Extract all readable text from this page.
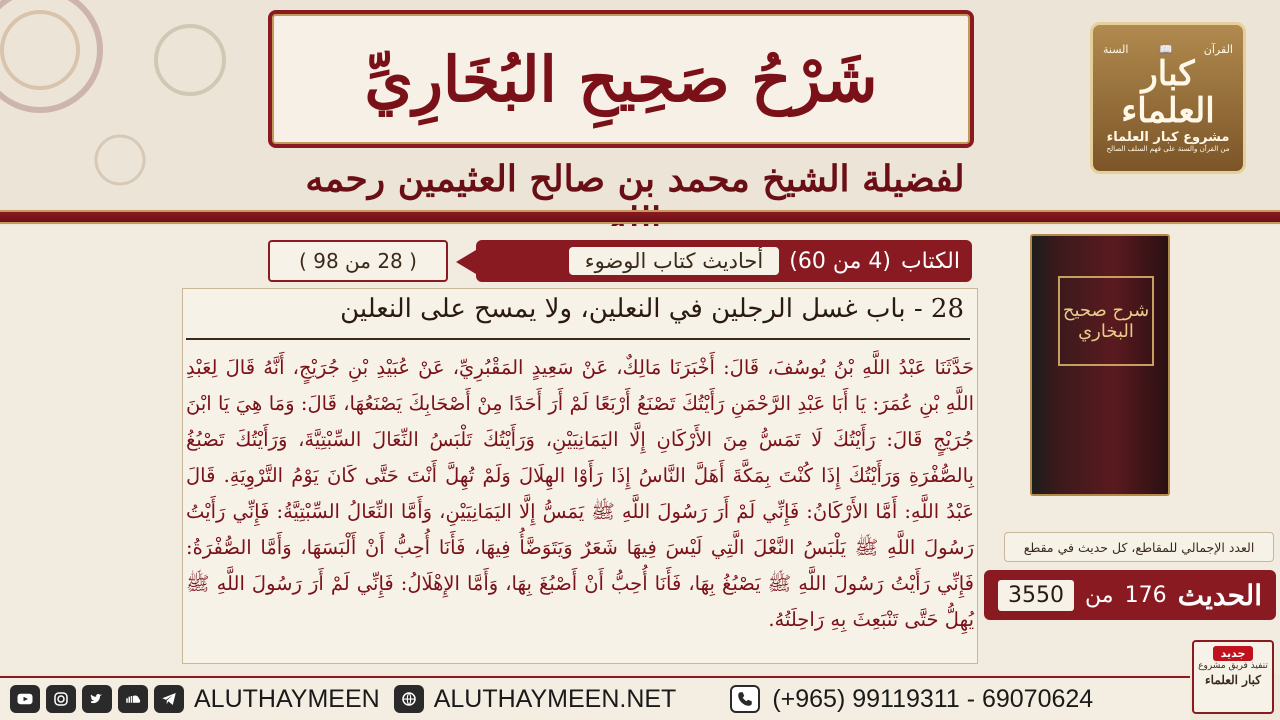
شَرْحُ صَحِيحِ البُخَارِيِّ
لفضيلة الشيخ محمد بن صالح العثيمين رحمه
السنة	📖	القرآن
كبار العلماء
مشروع كبار العلماء
من القرآن والسنة على فهم السلف الصالح
الكتاب
(4 من 60)
أحاديث كتاب الوضوء
( 28 من 98 )
28 - باب غسل الرجلين في النعلين، ولا يمسح على النعلين
حَدَّثَنَا عَبْدُ اللَّهِ بْنُ يُوسُفَ، قَالَ: أَخْبَرَنَا مَالِكٌ، عَنْ سَعِيدٍ المَقْبُرِيِّ، عَنْ عُبَيْدِ بْنِ جُرَيْجٍ، أَنَّهُ قَالَ لِعَبْدِ اللَّهِ بْنِ عُمَرَ: يَا أَبَا عَبْدِ الرَّحْمَنِ رَأَيْتُكَ تَصْنَعُ أَرْبَعًا لَمْ أَرَ أَحَدًا مِنْ أَصْحَابِكَ يَصْنَعُهَا، قَالَ: وَمَا هِيَ يَا ابْنَ جُرَيْجٍ قَالَ: رَأَيْتُكَ لَا تَمَسُّ مِنَ الأَرْكَانِ إِلَّا اليَمَانِيَيْنِ، وَرَأَيْتُكَ تَلْبَسُ النِّعَالَ السِّبْتِيَّةَ، وَرَأَيْتُكَ تَصْبُغُ بِالصُّفْرَةِ وَرَأَيْتُكَ إِذَا كُنْتَ بِمَكَّةَ أَهَلَّ النَّاسُ إِذَا رَأَوْا الهِلَالَ وَلَمْ تُهِلَّ أَنْتَ حَتَّى كَانَ يَوْمُ التَّرْوِيَةِ. قَالَ عَبْدُ اللَّهِ: أَمَّا الأَرْكَانُ: فَإِنِّي لَمْ أَرَ رَسُولَ اللَّهِ ﷺ يَمَسُّ إِلَّا اليَمَانِيَيْنِ، وَأَمَّا النِّعَالُ السِّبْتِيَّةُ: فَإِنِّي رَأَيْتُ رَسُولَ اللَّهِ ﷺ يَلْبَسُ النَّعْلَ الَّتِي لَيْسَ فِيهَا شَعَرٌ وَيَتَوَضَّأُ فِيهَا، فَأَنَا أُحِبُّ أَنْ أَلْبَسَهَا، وَأَمَّا الصُّفْرَةُ: فَإِنِّي رَأَيْتُ رَسُولَ اللَّهِ ﷺ يَصْبُغُ بِهَا، فَأَنَا أُحِبُّ أَنْ أَصْبُغَ بِهَا، وَأَمَّا الإِهْلَالُ: فَإِنِّي لَمْ أَرَ رَسُولَ اللَّهِ ﷺ يُهِلُّ حَتَّى تَنْبَعِثَ بِهِ رَاحِلَتُهُ.
شرح صحيح البخاري
العدد الإجمالي للمقاطع، كل حديث في مقطع
الحديث
176
من
3550
جديد
تنفيذ فريق مشروع
كبار العلماء
ALUTHAYMEEN ALUTHAYMEEN.NET	(+965) 99119311 - 69070624
